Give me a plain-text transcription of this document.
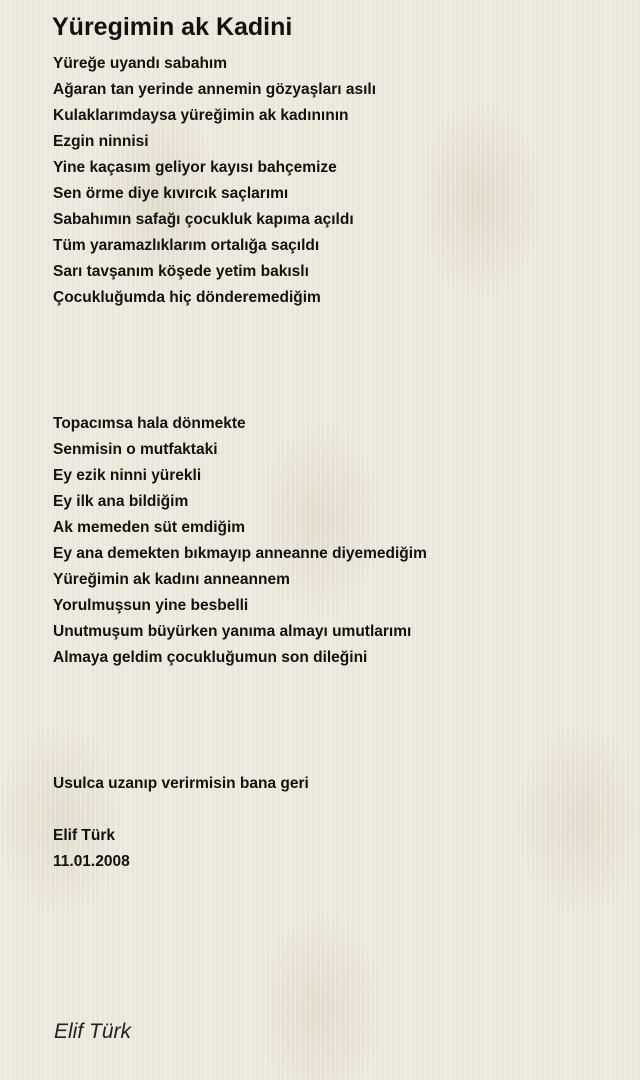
Yüregimin ak Kadini
Yüreğe uyandı sabahım
Ağaran tan yerinde annemin gözyaşları asılı
Kulaklarımdaysa yüreğimin ak kadınının
Ezgin ninnisi
Yine kaçasım geliyor kayısı bahçemize
Sen örme diye kıvırcık saçlarımı
Sabahımın safağı çocukluk kapıma açıldı
Tüm yaramazlıklarım ortalığa saçıldı
Sarı tavşanım köşede yetim bakıslı
Çocukluğumda hiç dönderemediğim
Topacımsa hala dönmekte
Senmisin o mutfaktaki
Ey ezik ninni yürekli
Ey ilk ana bildiğim
Ak memeden süt emdiğim
Ey ana demekten bıkmayıp anneanne diyemediğim
Yüreğimin ak kadını anneannem
Yorulmuşsun yine besbelli
Unutmuşum büyürken yanıma almayı umutlarımı
Almaya geldim çocukluğumun son dileğini
Usulca uzanıp verirmisin bana geri
Elif Türk
11.01.2008
Elif Türk
